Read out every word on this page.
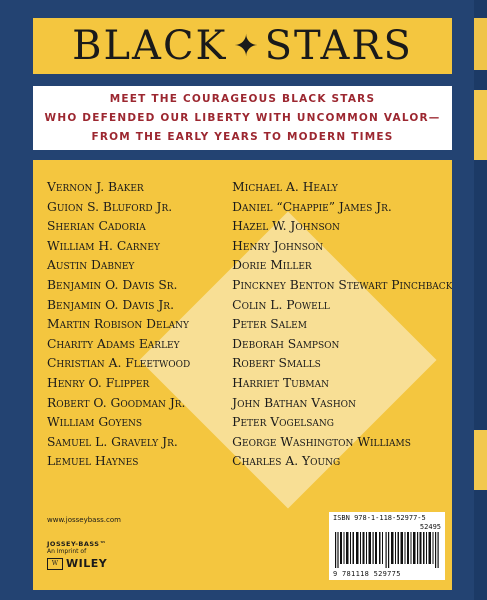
BLACK ✦ STARS
MEET THE COURAGEOUS BLACK STARS
WHO DEFENDED OUR LIBERTY WITH UNCOMMON VALOR—
FROM THE EARLY YEARS TO MODERN TIMES
Vernon J. Baker
Guion S. Bluford Jr.
Sherian Cadoria
William H. Carney
Austin Dabney
Benjamin O. Davis Sr.
Benjamin O. Davis Jr.
Martin Robison Delany
Charity Adams Earley
Christian A. Fleetwood
Henry O. Flipper
Robert O. Goodman Jr.
William Goyens
Samuel L. Gravely Jr.
Lemuel Haynes
Michael A. Healy
Daniel “Chappie” James Jr.
Hazel W. Johnson
Henry Johnson
Dorie Miller
Pinckney Benton Stewart Pinchback
Colin L. Powell
Peter Salem
Deborah Sampson
Robert Smalls
Harriet Tubman
John Bathan Vashon
Peter Vogelsang
George Washington Williams
Charles A. Young
www.josseybass.com
JOSSEY-BASS™
An Imprint of
W WILEY
ISBN 978-1-118-52977-5
52495
9 781118 529775
